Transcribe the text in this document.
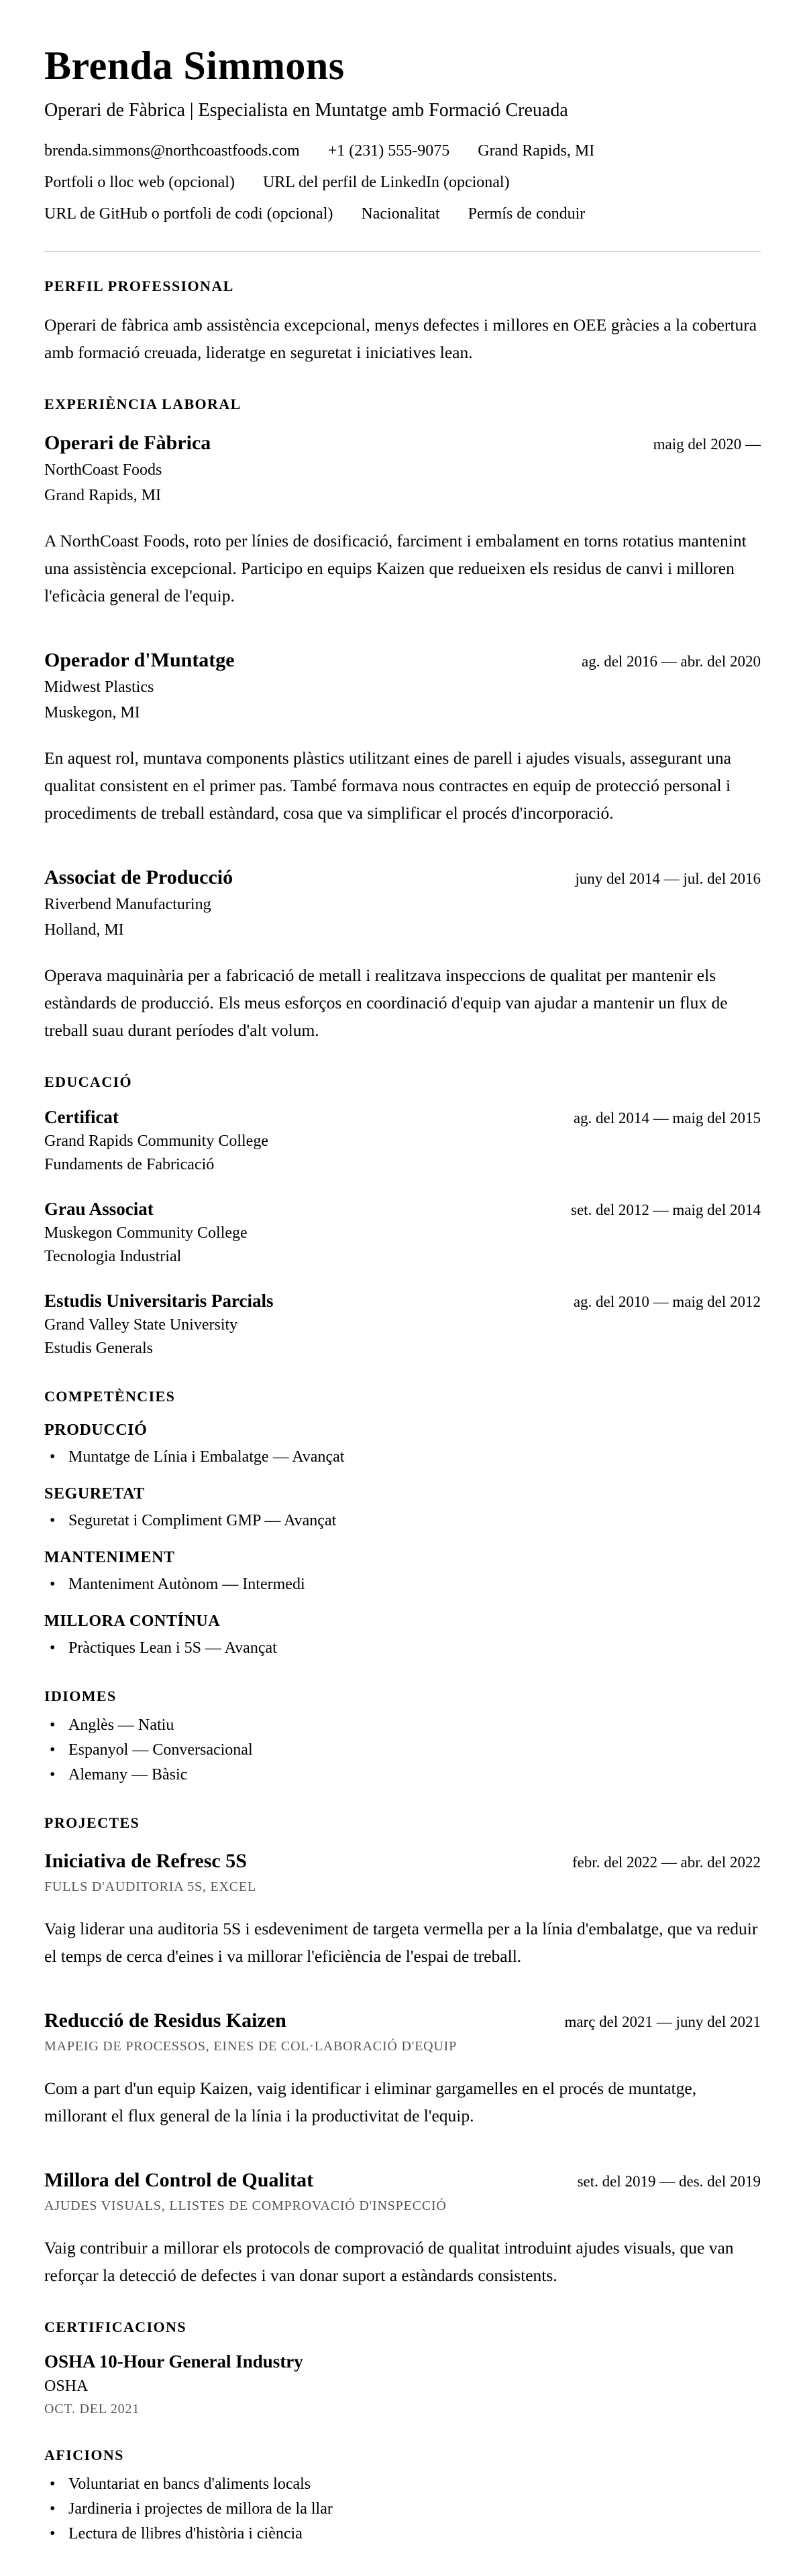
Brenda Simmons
Operari de Fàbrica | Especialista en Muntatge amb Formació Creuada
brenda.simmons@northcoastfoods.com +1 (231) 555-9075 Grand Rapids, MI
Portfoli o lloc web (opcional) URL del perfil de LinkedIn (opcional)
URL de GitHub o portfoli de codi (opcional) Nacionalitat Permís de conduir
PERFIL PROFESSIONAL

Operari de fàbrica amb assistència excepcional, menys defectes i millores en OEE gràcies a la cobertura amb formació creuada, lideratge en seguretat i iniciatives lean.

EXPERIÈNCIA LABORAL
Operari de Fàbrica	maig del 2020 —
NorthCoast Foods
Grand Rapids, MI

A NorthCoast Foods, roto per línies de dosificació, farciment i embalament en torns rotatius mantenint una assistència excepcional. Participo en equips Kaizen que redueixen els residus de canvi i milloren l'eficàcia general de l'equip.

Operador d'Muntatge	ag. del 2016 — abr. del 2020
Midwest Plastics
Muskegon, MI

En aquest rol, muntava components plàstics utilitzant eines de parell i ajudes visuals, assegurant una qualitat consistent en el primer pas. També formava nous contractes en equip de protecció personal i procediments de treball estàndard, cosa que va simplificar el procés d'incorporació.

Associat de Producció	juny del 2014 — jul. del 2016
Riverbend Manufacturing
Holland, MI

Operava maquinària per a fabricació de metall i realitzava inspeccions de qualitat per mantenir els estàndards de producció. Els meus esforços en coordinació d'equip van ajudar a mantenir un flux de treball suau durant períodes d'alt volum.

EDUCACIÓ
Certificat	ag. del 2014 — maig del 2015
Grand Rapids Community College
Fundaments de Fabricació
Grau Associat	set. del 2012 — maig del 2014
Muskegon Community College
Tecnologia Industrial
Estudis Universitaris Parcials	ag. del 2010 — maig del 2012
Grand Valley State University
Estudis Generals
COMPETÈNCIES
PRODUCCIÓ
• Muntatge de Línia i Embalatge — Avançat
SEGURETAT
• Seguretat i Compliment GMP — Avançat
MANTENIMENT
• Manteniment Autònom — Intermedi
MILLORA CONTÍNUA
• Pràctiques Lean i 5S — Avançat
IDIOMES
• Anglès — Natiu
• Espanyol — Conversacional
• Alemany — Bàsic
PROJECTES
Iniciativa de Refresc 5S	febr. del 2022 — abr. del 2022
FULLS D'AUDITORIA 5S, EXCEL

Vaig liderar una auditoria 5S i esdeveniment de targeta vermella per a la línia d'embalatge, que va reduir el temps de cerca d'eines i va millorar l'eficiència de l'espai de treball.

Reducció de Residus Kaizen	març del 2021 — juny del 2021
MAPEIG DE PROCESSOS, EINES DE COL·LABORACIÓ D'EQUIP

Com a part d'un equip Kaizen, vaig identificar i eliminar gargamelles en el procés de muntatge, millorant el flux general de la línia i la productivitat de l'equip.

Millora del Control de Qualitat	set. del 2019 — des. del 2019
AJUDES VISUALS, LLISTES DE COMPROVACIÓ D'INSPECCIÓ

Vaig contribuir a millorar els protocols de comprovació de qualitat introduint ajudes visuals, que van reforçar la detecció de defectes i van donar suport a estàndards consistents.

CERTIFICACIONS
OSHA 10-Hour General Industry
OSHA
OCT. DEL 2021
AFICIONS
• Voluntariat en bancs d'aliments locals
• Jardineria i projectes de millora de la llar
• Lectura de llibres d'història i ciència
